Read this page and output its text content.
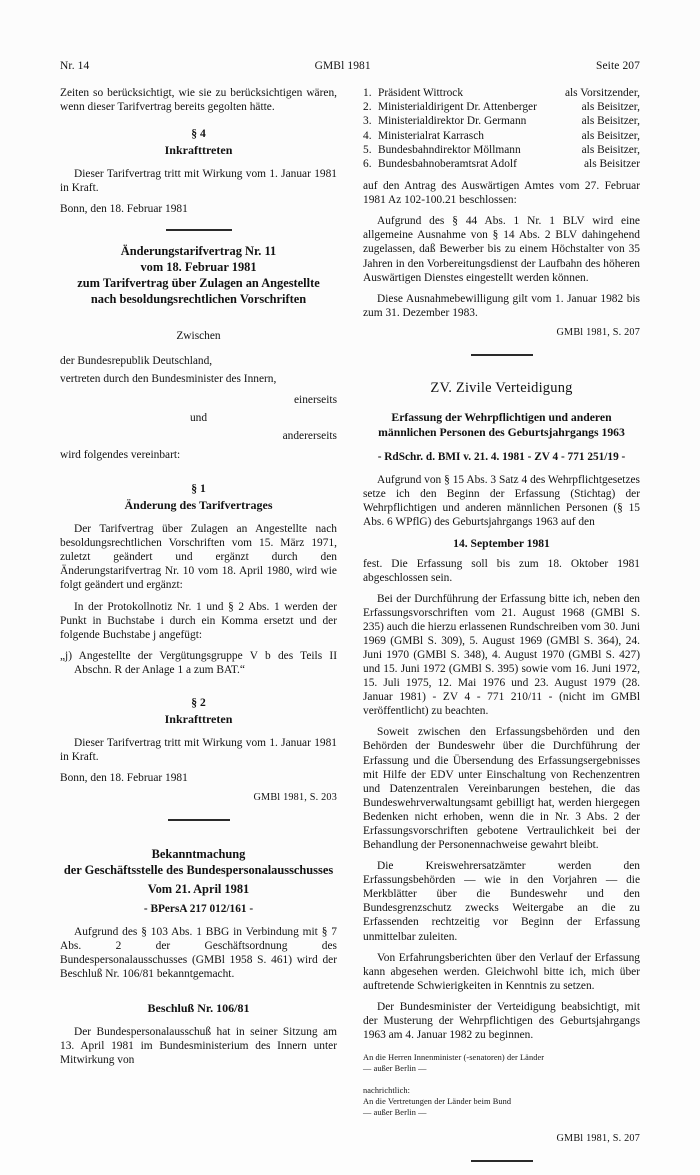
Nr. 14	GMBl 1981	Seite 207
Zeiten so berücksichtigt, wie sie zu berücksichtigen wären, wenn dieser Tarifvertrag bereits gegolten hätte.
§ 4
Inkrafttreten
Dieser Tarifvertrag tritt mit Wirkung vom 1. Januar 1981 in Kraft.
Bonn, den 18. Februar 1981
Änderungstarifvertrag Nr. 11
vom 18. Februar 1981
zum Tarifvertrag über Zulagen an Angestellte
nach besoldungsrechtlichen Vorschriften
Zwischen
der Bundesrepublik Deutschland,
vertreten durch den Bundesminister des Innern,
einerseits
und
andererseits
wird folgendes vereinbart:
§ 1
Änderung des Tarifvertrages
Der Tarifvertrag über Zulagen an Angestellte nach besoldungsrechtlichen Vorschriften vom 15. März 1971, zuletzt geändert und ergänzt durch den Änderungstarifvertrag Nr. 10 vom 18. April 1980, wird wie folgt geändert und ergänzt:
In der Protokollnotiz Nr. 1 und § 2 Abs. 1 werden der Punkt in Buchstabe i durch ein Komma ersetzt und der folgende Buchstabe j angefügt:
„j) Angestellte der Vergütungsgruppe V b des Teils II Abschn. R der Anlage 1 a zum BAT.“
§ 2
Inkrafttreten
Dieser Tarifvertrag tritt mit Wirkung vom 1. Januar 1981 in Kraft.
Bonn, den 18. Februar 1981
GMBl 1981, S. 203
Bekanntmachung
der Geschäftsstelle des Bundespersonalausschusses
Vom 21. April 1981
- BPersA 217 012/161 -
Aufgrund des § 103 Abs. 1 BBG in Verbindung mit § 7 Abs. 2 der Geschäftsordnung des Bundespersonalausschusses (GMBl 1958 S. 461) wird der Beschluß Nr. 106/81 bekanntgemacht.
Beschluß Nr. 106/81
Der Bundespersonalausschuß hat in seiner Sitzung am 13. April 1981 im Bundesministerium des Innern unter Mitwirkung von
1. Präsident Wittrock	als Vorsitzender,
2. Ministerialdirigent Dr. Attenberger	als Beisitzer,
3. Ministerialdirektor Dr. Germann	als Beisitzer,
4. Ministerialrat Karrasch	als Beisitzer,
5. Bundesbahndirektor Möllmann	als Beisitzer,
6. Bundesbahnoberamtsrat Adolf	als Beisitzer
auf den Antrag des Auswärtigen Amtes vom 27. Februar 1981 Az 102-100.21 beschlossen:
Aufgrund des § 44 Abs. 1 Nr. 1 BLV wird eine allgemeine Ausnahme von § 14 Abs. 2 BLV dahingehend zugelassen, daß Bewerber bis zu einem Höchstalter von 35 Jahren in den Vorbereitungsdienst der Laufbahn des höheren Auswärtigen Dienstes eingestellt werden können.
Diese Ausnahmebewilligung gilt vom 1. Januar 1982 bis zum 31. Dezember 1983.
GMBl 1981, S. 207
ZV. Zivile Verteidigung
Erfassung der Wehrpflichtigen und anderen
männlichen Personen des Geburtsjahrgangs 1963
- RdSchr. d. BMI v. 21. 4. 1981 - ZV 4 - 771 251/19 -
Aufgrund von § 15 Abs. 3 Satz 4 des Wehrpflichtgesetzes setze ich den Beginn der Erfassung (Stichtag) der Wehrpflichtigen und anderen männlichen Personen (§ 15 Abs. 6 WPflG) des Geburtsjahrgangs 1963 auf den
14. September 1981
fest. Die Erfassung soll bis zum 18. Oktober 1981 abgeschlossen sein.
Bei der Durchführung der Erfassung bitte ich, neben den Erfassungsvorschriften vom 21. August 1968 (GMBl S. 235) auch die hierzu erlassenen Rundschreiben vom 30. Juni 1969 (GMBl S. 309), 5. August 1969 (GMBl S. 364), 24. Juni 1970 (GMBl S. 348), 4. August 1970 (GMBl S. 427) und 15. Juni 1972 (GMBl S. 395) sowie vom 16. Juni 1972, 15. Juli 1975, 12. Mai 1976 und 23. August 1979 (28. Januar 1981) - ZV 4 - 771 210/11 - (nicht im GMBl veröffentlicht) zu beachten.
Soweit zwischen den Erfassungsbehörden und den Behörden der Bundeswehr über die Durchführung der Erfassung und die Übersendung des Erfassungsergebnisses mit Hilfe der EDV unter Einschaltung von Rechenzentren und Datenzentralen Vereinbarungen bestehen, die das Bundeswehrverwaltungsamt gebilligt hat, werden hiergegen Bedenken nicht erhoben, wenn die in Nr. 3 Abs. 2 der Erfassungsvorschriften gebotene Vertraulichkeit bei der Behandlung der Personennachweise gewahrt bleibt.
Die Kreiswehrersatzämter werden den Erfassungsbehörden — wie in den Vorjahren — die Merkblätter über die Bundeswehr und den Bundesgrenzschutz zwecks Weitergabe an die zu Erfassenden rechtzeitig vor Beginn der Erfassung unmittelbar zuleiten.
Von Erfahrungsberichten über den Verlauf der Erfassung kann abgesehen werden. Gleichwohl bitte ich, mich über auftretende Schwierigkeiten in Kenntnis zu setzen.
Der Bundesminister der Verteidigung beabsichtigt, mit der Musterung der Wehrpflichtigen des Geburtsjahrgangs 1963 am 4. Januar 1982 zu beginnen.
An die Herren Innenminister (-senatoren) der Länder
— außer Berlin —
nachrichtlich:
An die Vertretungen der Länder beim Bund
— außer Berlin —
GMBl 1981, S. 207
